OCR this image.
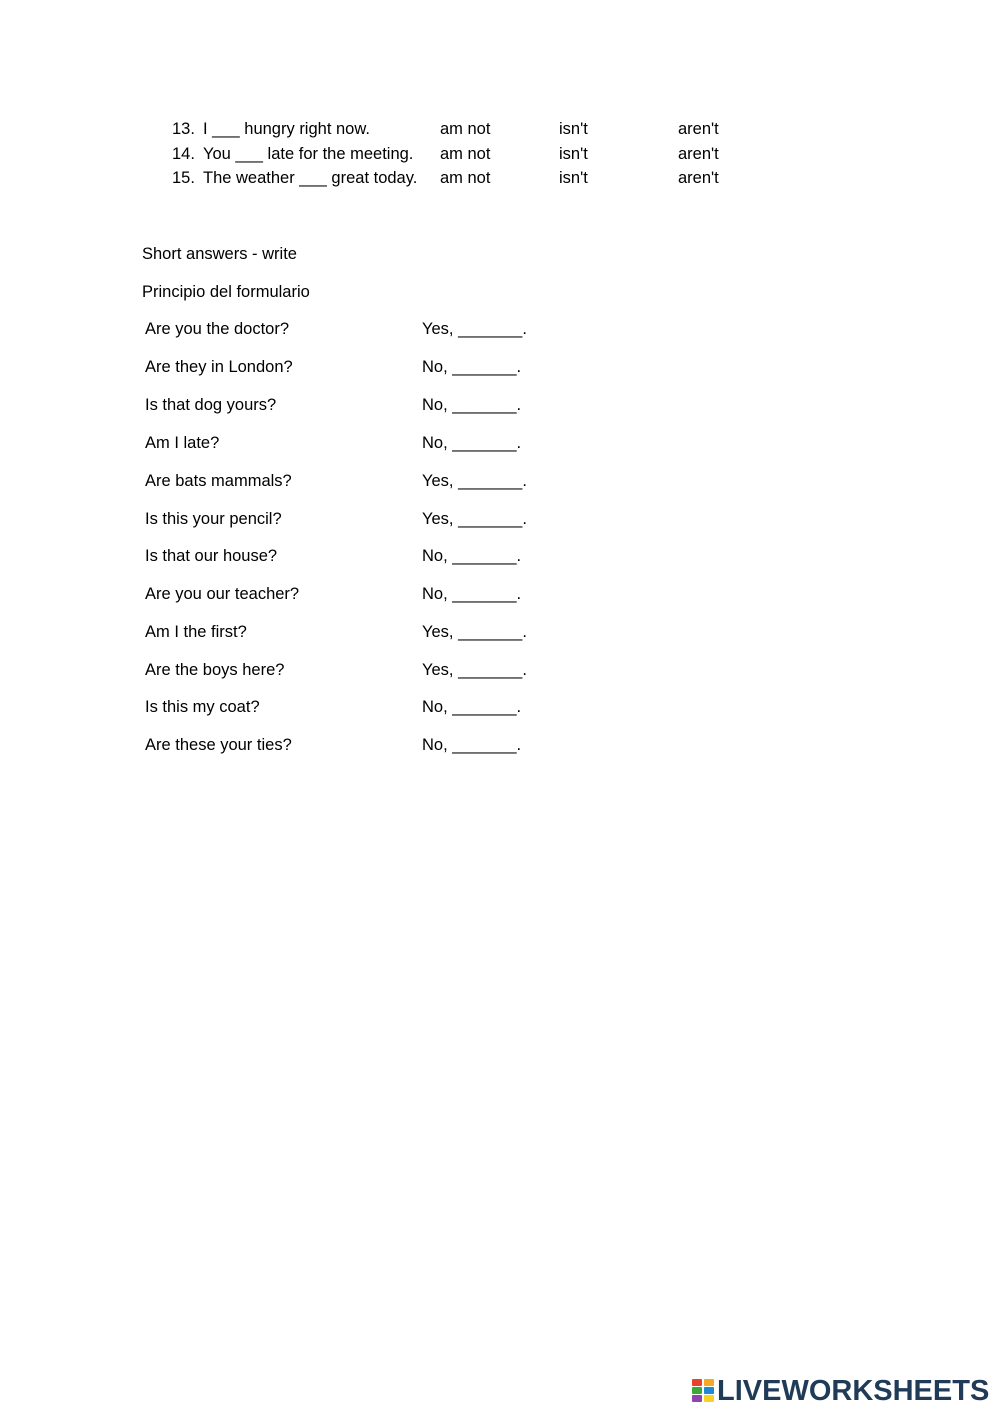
13. I ___ hungry right now.	am not	isn't	aren't
14. You ___ late for the meeting. am not	isn't	aren't
15. The weather ___ great today. am not	isn't	aren't
Short answers - write
Principio del formulario
Are you the doctor?	Yes, _______.
Are they in London?	No, _______.
Is that dog yours?	No, _______.
Am I late?	No, _______.
Are bats mammals?	Yes, _______.
Is this your pencil?	Yes, _______.
Is that our house?	No, _______.
Are you our teacher?	No, _______.
Am I the first?	Yes, _______.
Are the boys here?	Yes, _______.
Is this my coat?	No, _______.
Are these your ties?	No, _______.
LIVEWORKSHEETS
